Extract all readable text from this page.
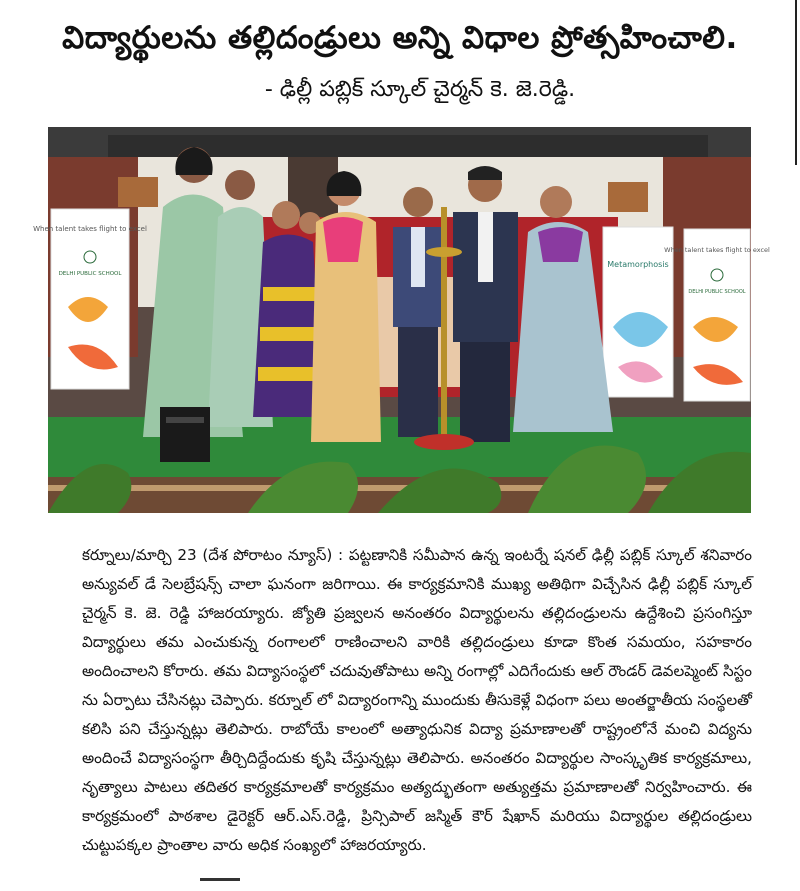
విద్యార్థులను తల్లిదండ్రులు అన్ని విధాల ప్రోత్సహించాలి.
- ఢిల్లీ పబ్లిక్ స్కూల్ చైర్మన్ కె. జె.రెడ్డి.
When talent takes flight to excel
DELHI PUBLIC SCHOOL
Metamorphosis
When talent takes flight to excel
DELHI PUBLIC SCHOOL
కర్నూలు/మార్చి 23 (దేశ పోరాటం న్యూస్) : పట్టణానికి సమీపాన ఉన్న ఇంటర్నే షనల్ ఢిల్లీ పబ్లిక్ స్కూల్ శనివారం అన్యువల్ డే సెలబ్రేషన్స్ చాలా ఘనంగా జరిగాయి. ఈ కార్యక్రమానికి ముఖ్య అతిథిగా విచ్చేసిన ఢిల్లీ పబ్లిక్ స్కూల్ చైర్మన్ కె. జె. రెడ్డి హాజరయ్యారు. జ్యోతి ప్రజ్వలన అనంతరం విద్యార్థులను తల్లిదండ్రులను ఉద్దేశించి ప్రసంగిస్తూ విద్యార్థులు తమ ఎంచుకున్న రంగాలలో రాణించాలని వారికి తల్లిదండ్రులు కూడా కొంత సమయం, సహకారం అందించాలని కోరారు. తమ విద్యాసంస్థలో చదువుతోపాటు అన్ని రంగాల్లో ఎదిగేందుకు ఆల్ రౌండర్ డెవలప్మెంట్ సిస్టం ను ఏర్పాటు చేసినట్లు చెప్పారు. కర్నూల్ లో విద్యారంగాన్ని ముందుకు తీసుకెళ్లే విధంగా పలు అంతర్జాతీయ సంస్థలతో కలిసి పని చేస్తున్నట్లు తెలిపారు. రాబోయే కాలంలో అత్యాధునిక విద్యా ప్రమాణాలతో రాష్ట్రంలోనే మంచి విద్యను అందించే విద్యాసంస్థగా తీర్చిదిద్దేందుకు కృషి చేస్తున్నట్లు తెలిపారు. అనంతరం విద్యార్థుల సాంస్కృతిక కార్యక్రమాలు, నృత్యాలు పాటలు తదితర కార్యక్రమాలతో కార్యక్రమం అత్యద్భుతంగా అత్యుత్తమ ప్రమాణాలతో నిర్వహించారు. ఈ కార్యక్రమంలో పాఠశాల డైరెక్టర్ ఆర్.ఎస్.రెడ్డి, ప్రిన్సిపాల్ జస్మిత్ కౌర్ షేఖాన్ మరియు విద్యార్థుల తల్లిదండ్రులు చుట్టుపక్కల ప్రాంతాల వారు అధిక సంఖ్యలో హాజరయ్యారు.
